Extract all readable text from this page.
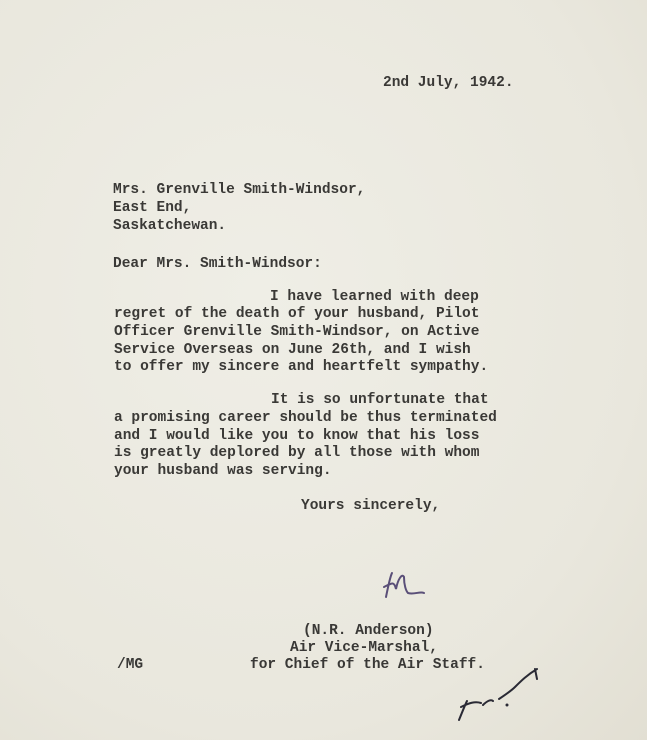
2nd July, 1942.
Mrs. Grenville Smith-Windsor,
East End,
Saskatchewan.
Dear Mrs. Smith-Windsor:
I have learned with deep
regret of the death of your husband, Pilot
Officer Grenville Smith-Windsor, on Active
Service Overseas on June 26th, and I wish
to offer my sincere and heartfelt sympathy.
It is so unfortunate that
a promising career should be thus terminated
and I would like you to know that his loss
is greatly deplored by all those with whom
your husband was serving.
Yours sincerely,
(N.R. Anderson)
Air Vice-Marshal,
for Chief of the Air Staff.
/MG
